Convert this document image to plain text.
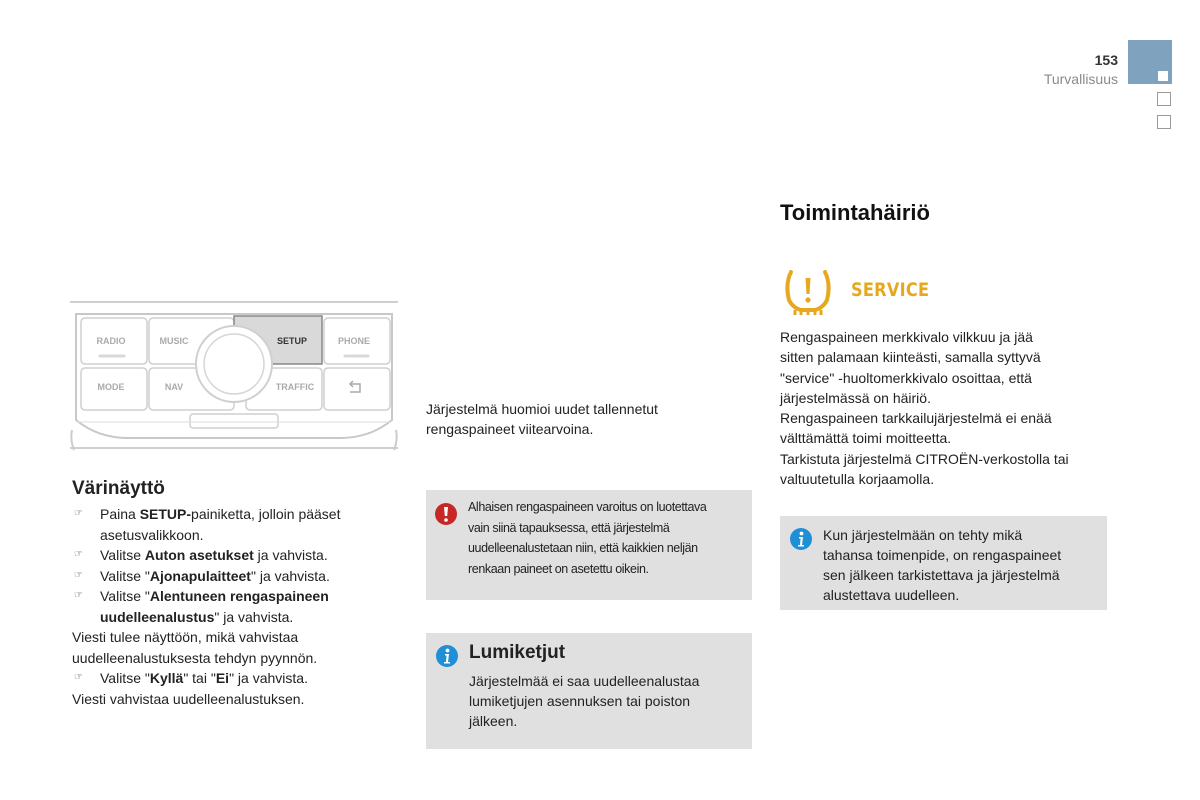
153
Turvallisuus
RADIO	MUSIC	SETUP	PHONE
MODE	NAV	TRAFFIC
Värinäyttö
☞ Paina SETUP-painiketta, jolloin pääset
asetusvalikkoon.
☞ Valitse Auton asetukset ja vahvista.
☞ Valitse "Ajonapulaitteet" ja vahvista.
☞ Valitse "Alentuneen rengaspaineen
uudelleenalustus" ja vahvista.
Viesti tulee näyttöön, mikä vahvistaa
uudelleenalustuksesta tehdyn pyynnön.
☞ Valitse "Kyllä" tai "Ei" ja vahvista.
Viesti vahvistaa uudelleenalustuksen.
Järjestelmä huomioi uudet tallennetut
rengaspaineet viitearvoina.
Alhaisen rengaspaineen varoitus on luotettava
vain siinä tapauksessa, että järjestelmä
uudelleenalustetaan niin, että kaikkien neljän
renkaan paineet on asetettu oikein.
Lumiketjut
Järjestelmää ei saa uudelleenalustaa
lumiketjujen asennuksen tai poiston
jälkeen.
Toimintahäiriö
SERVICE
Rengaspaineen merkkivalo vilkkuu ja jää
sitten palamaan kiinteästi, samalla syttyvä
"service" -huoltomerkkivalo osoittaa, että
järjestelmässä on häiriö.
Rengaspaineen tarkkailujärjestelmä ei enää
välttämättä toimi moitteetta.
Tarkistuta järjestelmä CITROËN-verkostolla tai
valtuutetulla korjaamolla.
Kun järjestelmään on tehty mikä
tahansa toimenpide, on rengaspaineet
sen jälkeen tarkistettava ja järjestelmä
alustettava uudelleen.
